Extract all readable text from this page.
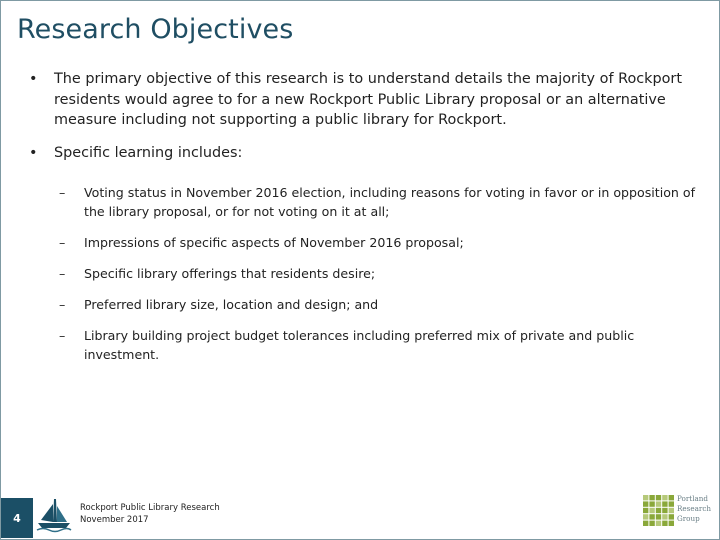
Research Objectives
• The primary objective of this research is to understand details the majority of Rockport residents would agree to for a new Rockport Public Library proposal or an alternative measure including not supporting a public library for Rockport.
• Specific learning includes:
– Voting status in November 2016 election, including reasons for voting in favor or in opposition of the library proposal, or for not voting on it at all;
– Impressions of specific aspects of November 2016 proposal;
– Specific library offerings that residents desire;
– Preferred library size, location and design; and
– Library building project budget tolerances including preferred mix of private and public investment.
4
Rockport Public Library Research
November 2017
Portland
Research
Group
